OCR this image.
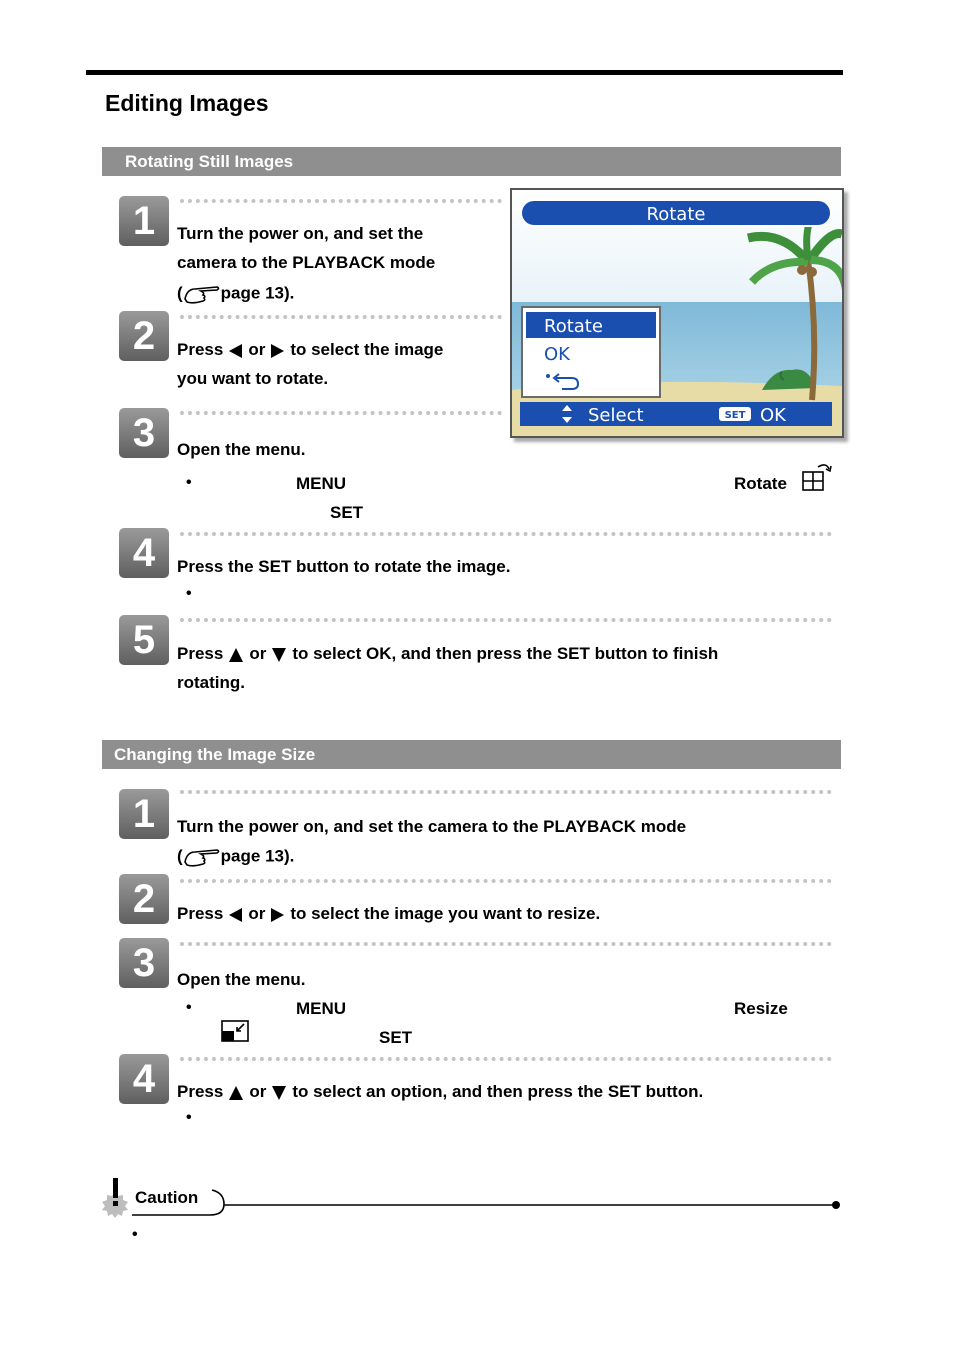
Editing Images
Rotating Still Images
1	Turn the power on, and set the
camera to the PLAYBACK mode
( page 13).
2	Press or to select the image
you want to rotate.
3	Open the menu.
•	MENU	Rotate
SET
4	Press the SET button to rotate the image.
•
5	Press or to select OK, and then press the SET button to finish
rotating.
Rotate
Rotate
OK
Select	SET OK
Changing the Image Size
1	Turn the power on, and set the camera to the PLAYBACK mode
( page 13).
2	Press or to select the image you want to resize.
3	Open the menu.
•	MENU	Resize
SET
4	Press or to select an option, and then press the SET button.
•
Caution
•
